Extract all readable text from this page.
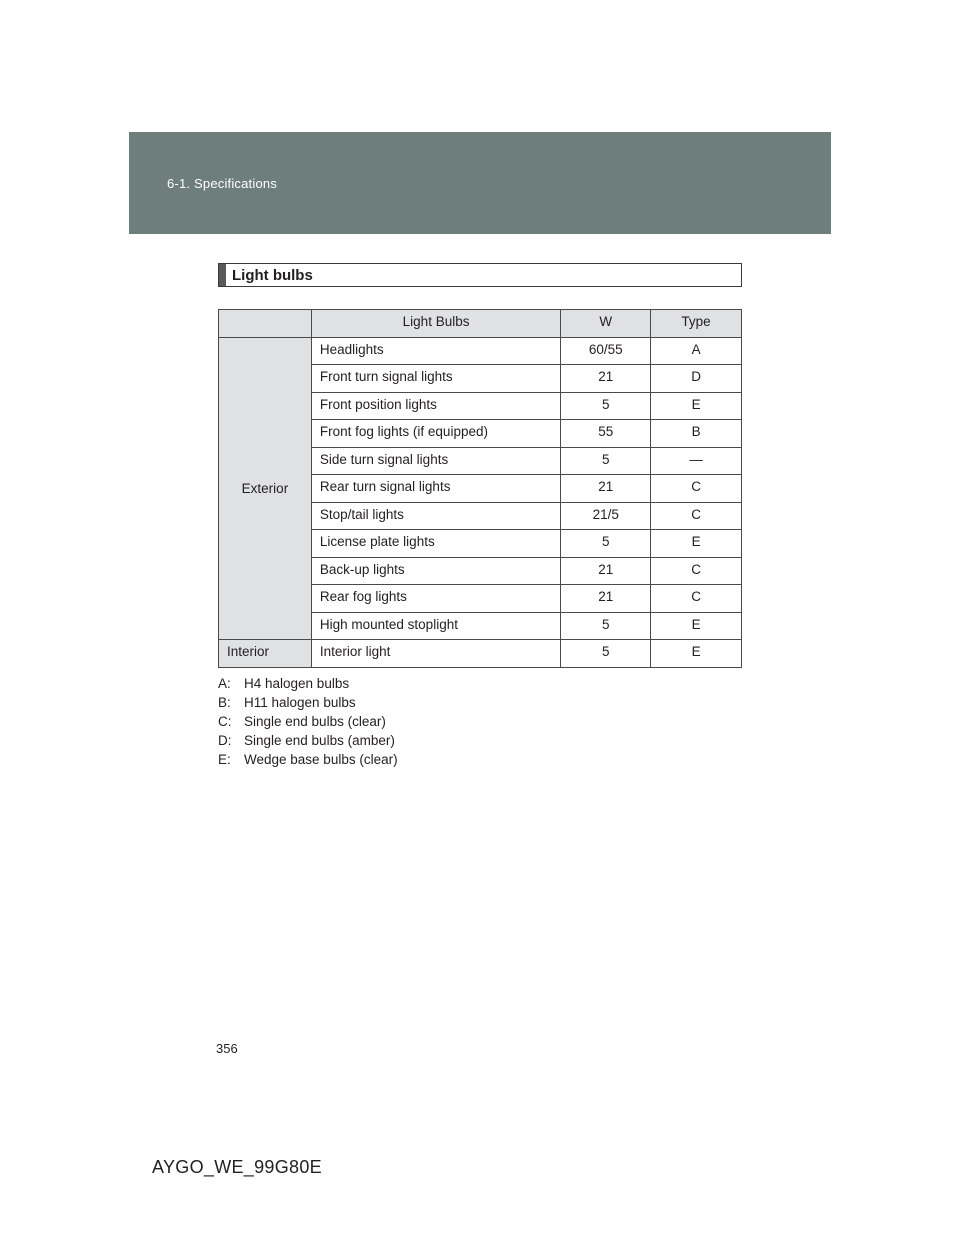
6-1. Specifications
Light bulbs
	Light Bulbs	W	Type
Exterior	Headlights	60/55	A
	Front turn signal lights	21	D
	Front position lights	5	E
	Front fog lights (if equipped)	55	B
	Side turn signal lights	5	—
	Rear turn signal lights	21	C
	Stop/tail lights	21/5	C
	License plate lights	5	E
	Back-up lights	21	C
	Rear fog lights	21	C
	High mounted stoplight	5	E
Interior	Interior light	5	E
A: H4 halogen bulbs
B: H11 halogen bulbs
C: Single end bulbs (clear)
D: Single end bulbs (amber)
E: Wedge base bulbs (clear)
356
AYGO_WE_99G80E
